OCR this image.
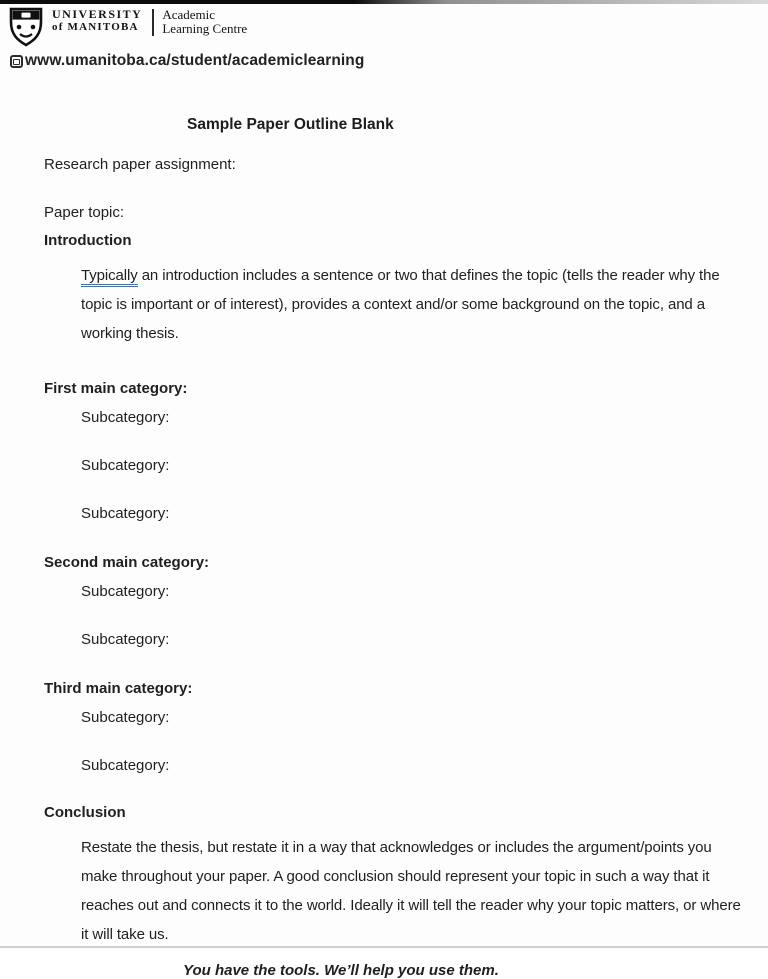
UNIVERSITY
of MANITOBA
Academic
Learning Centre
www.umanitoba.ca/student/academiclearning
Sample Paper Outline Blank
Research paper assignment:
Paper topic:
Introduction
Typically an introduction includes a sentence or two that defines the topic (tells the reader why the topic is important or of interest), provides a context and/or some background on the topic, and a working thesis.
First main category:
Subcategory:
Subcategory:
Subcategory:
Second main category:
Subcategory:
Subcategory:
Third main category:
Subcategory:
Subcategory:
Conclusion
Restate the thesis, but restate it in a way that acknowledges or includes the argument/points you make throughout your paper. A good conclusion should represent your topic in such a way that it reaches out and connects it to the world. Ideally it will tell the reader why your topic matters, or where it will take us.
You have the tools. We’ll help you use them.
